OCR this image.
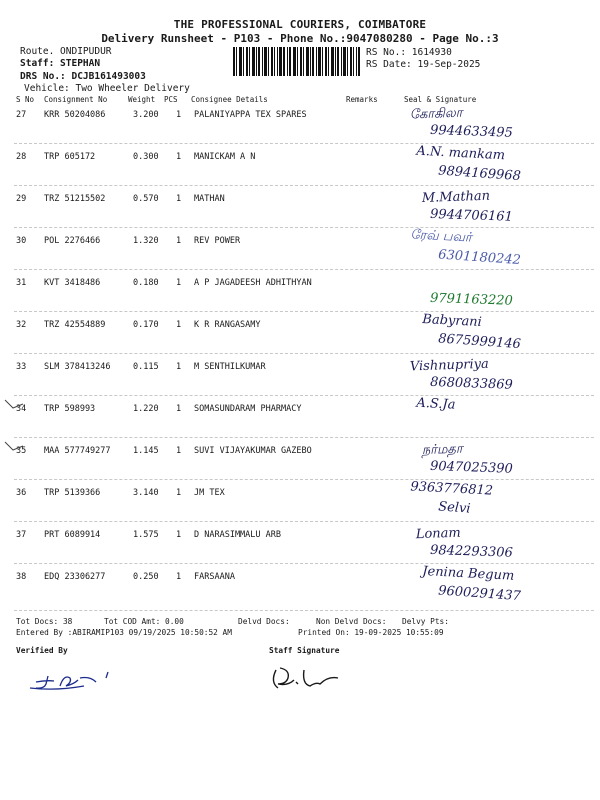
THE PROFESSIONAL COURIERS, COIMBATORE
Delivery Runsheet - P103 - Phone No.:9047080280 - Page No.:3
Route. ONDIPUDUR
Staff: STEPHAN
DRS No.: DCJB161493003
Vehicle: Two Wheeler Delivery
RS No.: 1614930
RS Date: 19-Sep-2025
S No Consignment No	Weight PCS Consignee Details	Remarks	Seal & Signature
27 KRR 50204086	3.200 1 PALANIYAPPA TEX SPARES	கோகிலா
9944633495
28 TRP 605172	0.300 1 MANICKAM A N	A.N. mankam
9894169968
29 TRZ 51215502	0.570 1 MATHAN	M.Mathan
9944706161
30 POL 2276466	1.320 1 REV POWER	ரேவ் பவர்
6301180242
31 KVT 3418486	0.180 1 A P JAGADEESH ADHITHYAN
9791163220
32 TRZ 42554889	0.170 1 K R RANGASAMY	Babyrani
8675999146
33 SLM 378413246	0.115 1 M SENTHILKUMAR	Vishnupriya
8680833869
34 TRP 598993	1.220 1 SOMASUNDARAM PHARMACY	A.S.Ja
35 MAA 577749277	1.145 1 SUVI VIJAYAKUMAR GAZEBO	நர்மதா
9047025390
36 TRP 5139366	3.140 1 JM TEX	9363776812
Selvi
37 PRT 6089914	1.575 1 D NARASIMMALU ARB	Lonam
9842293306
38 EDQ 23306277	0.250 1 FARSAANA	Jenina Begum
9600291437
Tot Docs: 38	Tot COD Amt: 0.00	Delvd Docs:	Non Delvd Docs: Delvy Pts:
Entered By :ABIRAMIP103 09/19/2025 10:50:52 AM	Printed On: 19-09-2025 10:55:09
Verified By	Staff Signature
